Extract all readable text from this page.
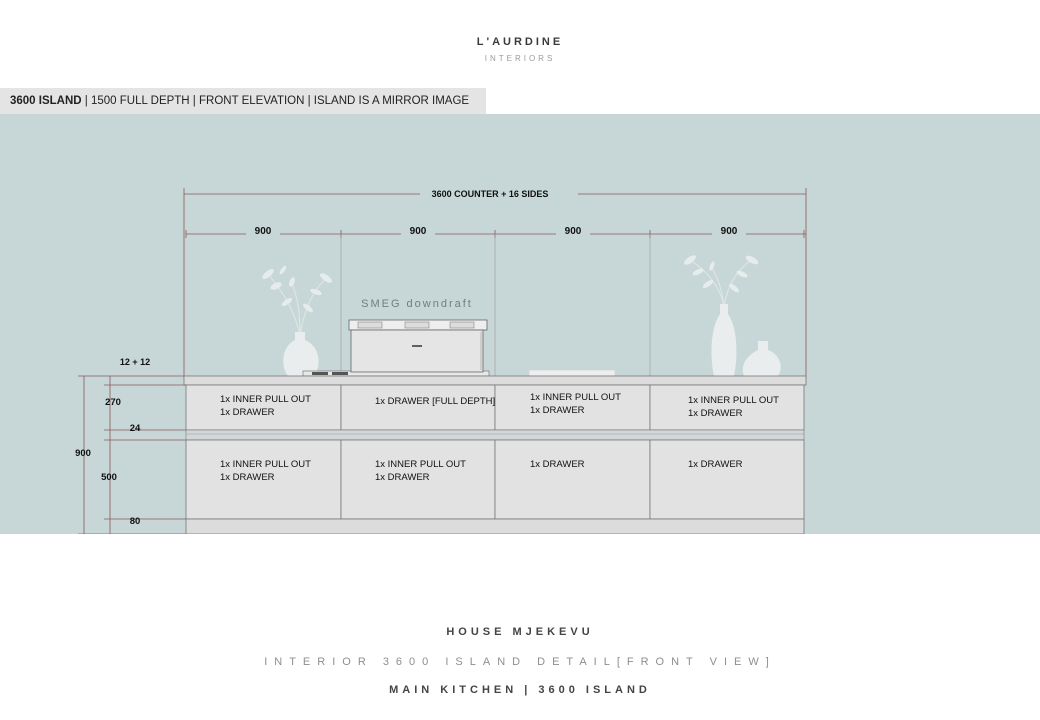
L'AURDINE
INTERIORS
3600 ISLAND | 1500 FULL DEPTH | FRONT ELEVATION | ISLAND IS A MIRROR IMAGE
3600 COUNTER + 16 SIDES
900	900	900	900
SMEG downdraft
1x INNER PULL OUT
1x DRAWER
1x DRAWER [FULL DEPTH]	1x INNER PULL OUT
1x DRAWER
1x INNER PULL OUT
1x DRAWER
1x INNER PULL OUT
1x DRAWER
1x INNER PULL OUT
1x DRAWER
1x DRAWER	1x DRAWER
12 + 12
270
24
900
500
80
HOUSE MJEKEVU
INTERIOR 3600 ISLAND DETAIL[FRONT VIEW]
MAIN KITCHEN | 3600 ISLAND
